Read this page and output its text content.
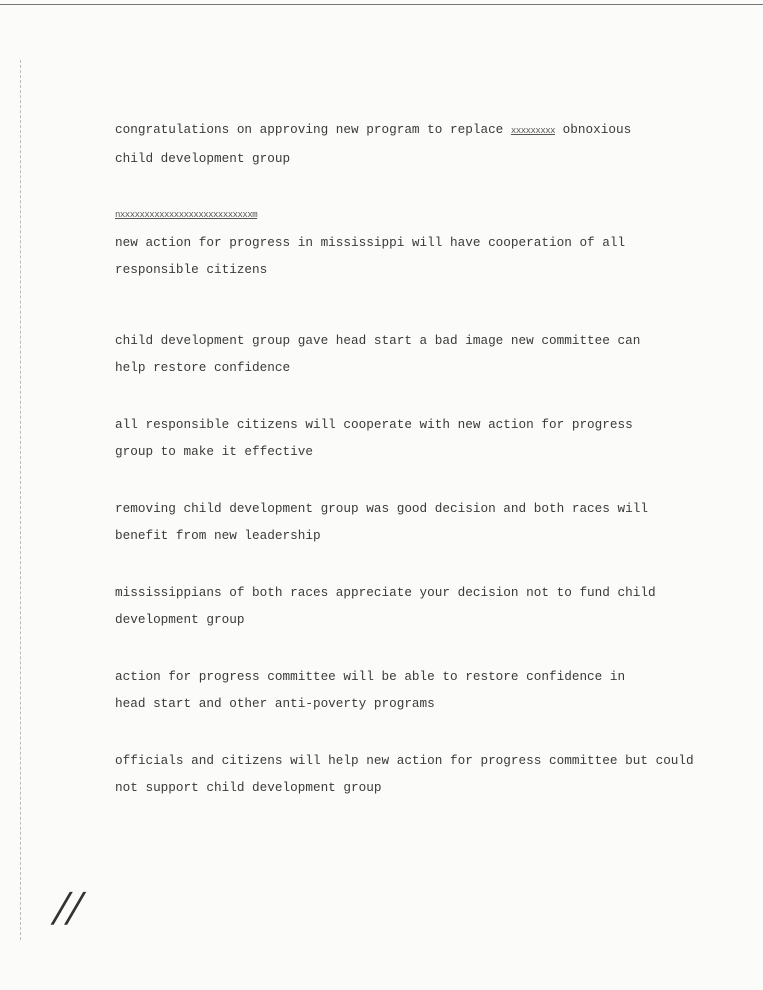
congratulations on approving new program to replace xxxxxxxxx obnoxious
child development group
nxxxxxxxxxxxxxxxxxxxxxxxxxxxm
new action for progress in mississippi will have cooperation of all
responsible citizens
child development group gave head start a bad image new committee can
help restore confidence
all responsible citizens will cooperate with new action for progress
group to make it effective
removing child development group was good decision and both races will
benefit from new leadership
mississippians of both races appreciate your decision not to fund child
development group
action for progress committee will be able to restore confidence in
head start and other anti-poverty programs
officials and citizens will help new action for progress committee but could
not support child development group
//
